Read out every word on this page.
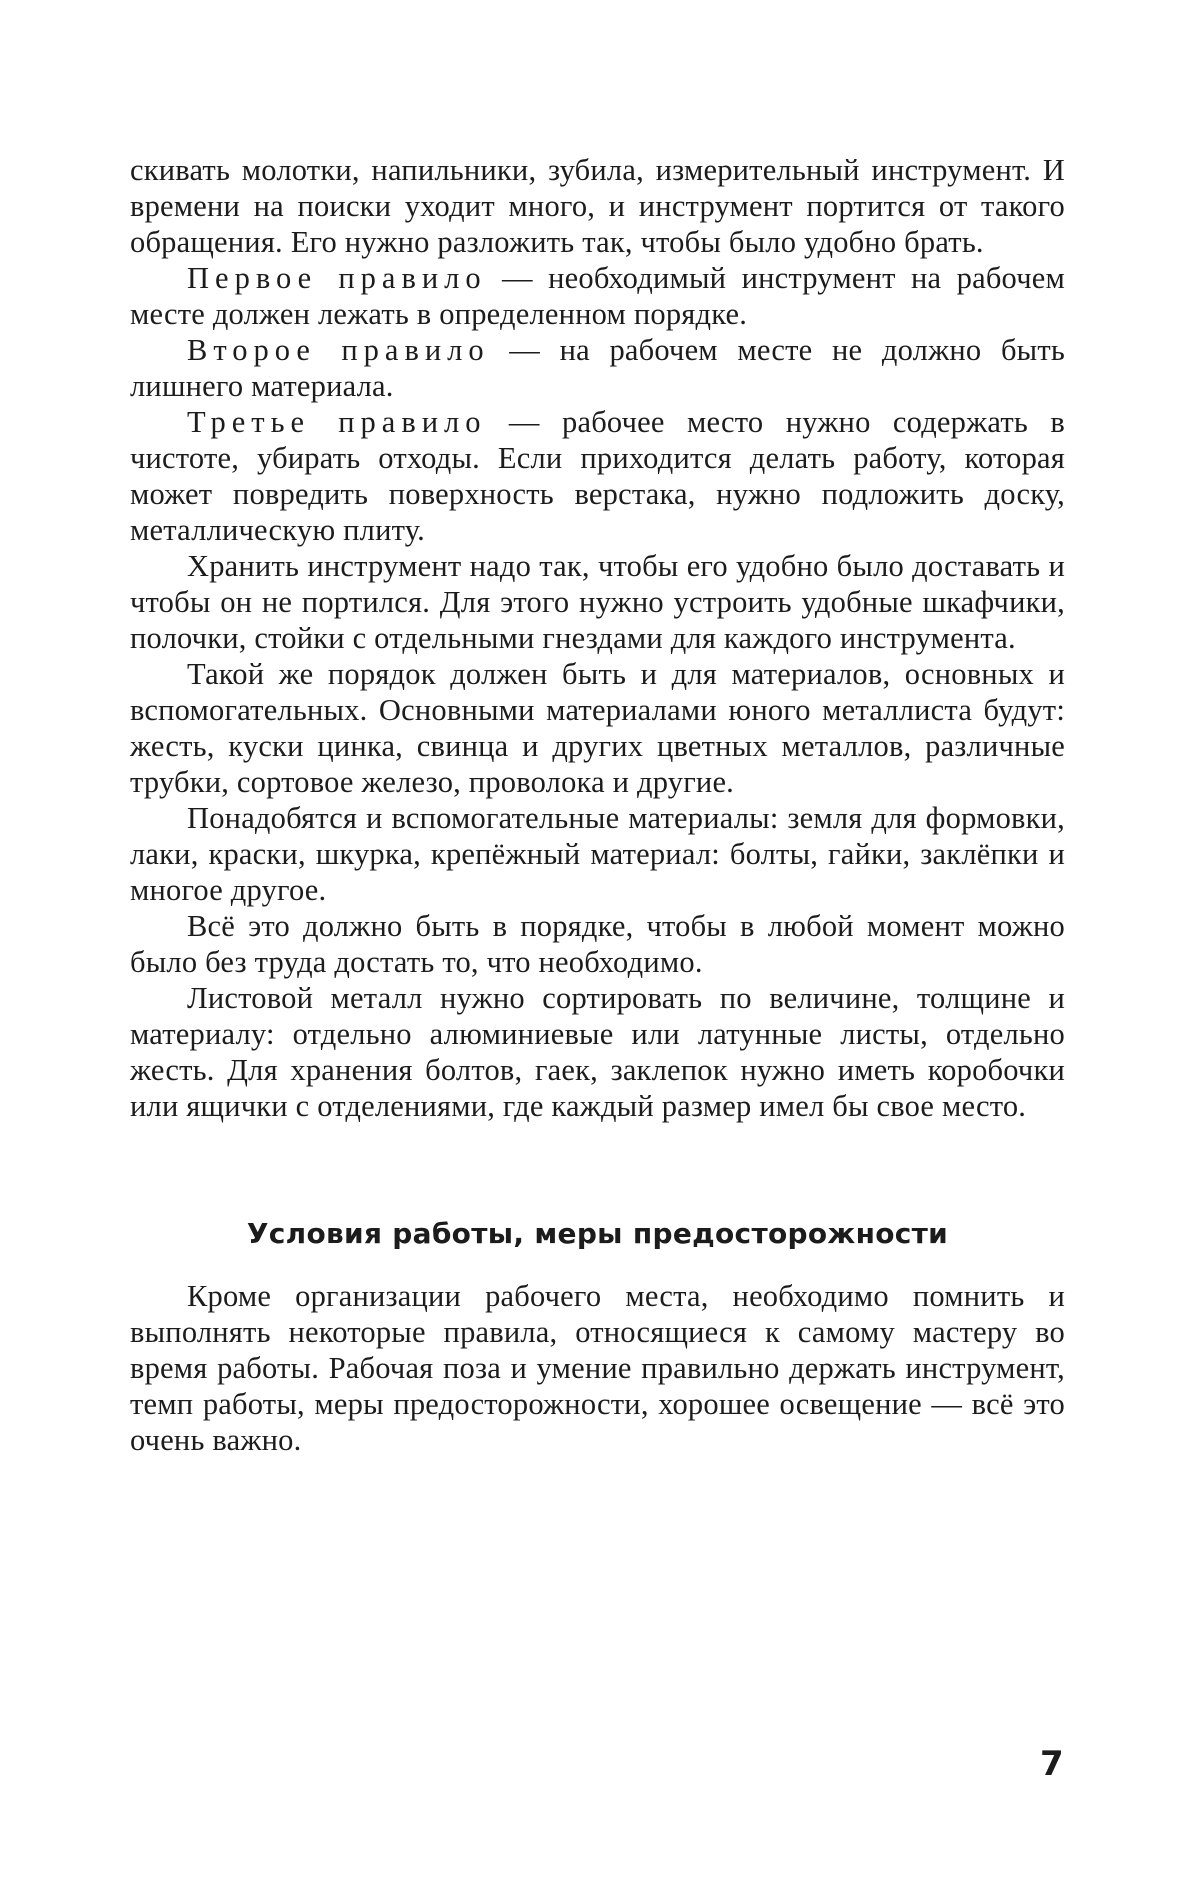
скивать молотки, напильники, зубила, измерительный инструмент. И времени на поиски уходит много, и инструмент портится от такого обращения. Его нужно разложить так, чтобы было удобно брать.

Первое правило — необходимый инструмент на рабочем месте должен лежать в определенном порядке.

Второе правило — на рабочем месте не должно быть лишнего материала.

Третье правило — рабочее место нужно содержать в чистоте, убирать отходы. Если приходится делать работу, которая может повредить поверхность верстака, нужно подложить доску, металлическую плиту.

Хранить инструмент надо так, чтобы его удобно было доставать и чтобы он не портился. Для этого нужно устроить удобные шкафчики, полочки, стойки с отдельными гнездами для каждого инструмента.

Такой же порядок должен быть и для материалов, основных и вспомогательных. Основными материалами юного металлиста будут: жесть, куски цинка, свинца и других цветных металлов, различные трубки, сортовое железо, проволока и другие.

Понадобятся и вспомогательные материалы: земля для формовки, лаки, краски, шкурка, крепёжный материал: болты, гайки, заклёпки и многое другое.

Всё это должно быть в порядке, чтобы в любой момент можно было без труда достать то, что необходимо.

Листовой металл нужно сортировать по величине, толщине и материалу: отдельно алюминиевые или латунные листы, отдельно жесть. Для хранения болтов, гаек, заклепок нужно иметь коробочки или ящички с отделениями, где каждый размер имел бы свое место.

Условия работы, меры предосторожности

Кроме организации рабочего места, необходимо помнить и выполнять некоторые правила, относящиеся к самому мастеру во время работы. Рабочая поза и умение правильно держать инструмент, темп работы, меры предосторожности, хорошее освещение — всё это очень важно.

7
